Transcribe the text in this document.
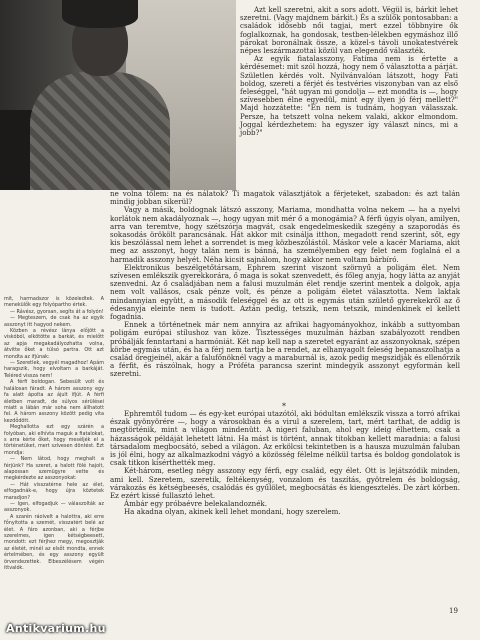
Azt kell szeretni, akit a sors adott. Végül is, bárkit lehet szeretni. (Vagy majdnem bárkit.) És a szülők pontosabban: a családok idősebb női tagjai, mert ezzel többnyire ők foglalkoznak, ha gondosak, testben-lélekben egymáshoz illő párokat boronálnak össze, a közel-s távoli unokatestvérek népes leszármazottai közül van elegendő választék.

Az egyik fiatalasszony, Fatima nem is értette a kérdésemet: mit szól hozzá, hogy nem ő választotta a párját. Születlen kérdés volt. Nyilvánvalóan látszott, hogy Fati boldog, szereti a férjét és testvéries viszonyban van az első feleséggel, "hát ugyan mi gondolja — ezt mondta is —, hogy szívesebben élne egyedül, mint egy ilyen jó férj mellett?" Majd hozzátette: "Én nem is tudnám, hogyan válasszak. Persze, ha tetszett volna nekem valaki, akkor elmondom. Joggal kérdezhetem: ha egyszer így választ nincs, mi a jobb?"

ne volna tőlem: na és nálatok? Ti magatok választjátok a férjeteket, szabadon: és azt talán mindig jobban sikerül?

Vagy a másik, boldognak látszó asszony, Mariama, mondhatta volna nekem — ha a nyelvi korlátok nem akadályoznak —, hogy ugyan mit mér ő a monogámia? A férfi úgyis olyan, amilyen, arra van teremtve, hogy szétszórja magvát, csak engedelmeskedik szegény a szaporodás és sokasodás örökölt parancsának. Hát akkor mit csinálja itthon, megadott rend szerint, sőt, egy kis beszólással nem lehet a sorrendet is meg közbeszólástól. Máskor vele a kacér Mariama, akit meg az asszonyt, hogy talán nem is bánná, ha személyemben egy felet nem foglalná el a harmadik asszony helyét. Néha kicsit sajnálom, hogy akkor nem voltam bárbíró.

Elektronikus beszélgetőtársam, Ephrem szerint viszont szörnyű a poligám élet. Nem szívesen emlékszik gyerekkorára, ő maga is sokat szenvedett, és főleg anyja, hogy látta az anyját szenvedni. Az ő családjában nem a falusi muzulmán élet rendje szerint mentek a dolgok, apja nem volt vallásos, csak pénze volt, és pénze a poligám életet választotta. Nem laktak mindannyian együtt, a második feleséggel és az ott is egymás után születő gyerekekről az ő édesanyja eleinte nem is tudott. Aztán pedig, tetszik, nem tetszik, mindenkinek el kellett fogadnia.

Ennek a történetnek már nem annyira az afrikai hagyományokhoz, inkább a suttyomban poligám európai stílushoz van köze. Tisztességes muzulmán házban szabályozott rendben próbálják fenntartani a harmóniát. Két nap kell nap a szeretet egyaránt az asszonyoknak, szépen körbe egymás után, és ha a férj nem tartja be a rendet, az elhanyagolt feleség bepanaszolhatja a család öregjeinél, akár a falufőnöknél vagy a maraburnál is, azok pedig megszidják és ellenőrzik a férfit, és rászólnak, hogy a Próféta parancsa szerint mindegyik asszonyt egyformán kell szeretni.

*

Ephremtől tudom — és egy-ket európai utazótól, aki bódultan emlékszik vissza a torró afrikai észak gyönyörére —, hogy a városokban és a virul a szerelem, tart, mért tarthat, de addig is megtörténik, mint a világon mindenütt. A nigeri faluban, ahol egy ideig élhettem, csak a házasságok példáját lehetett látni. Ha mást is történt, annak titokban kellett maradnia: a falusi társadalom megbocsátó, sebed a világon. Az erkölcsi tekintetben is a hausza muzulmán faluban is jól élni, hogy az alkalmazkodni vágyó a közösség félelme nélkül tartsa és boldog gondolatok is csak titkon kísérthették meg.

Két-három, esetleg négy asszony egy férfi, egy család, egy élet. Ott is lejátszódik minden, ami kell. Szeretem, szeretik, feltékenység, vonzalom és taszítás, gyötrelem és boldogság, várakozás és kétségbeesés, csalódás és gyűlölet, megbocsátás és kiengesztelés. De zárt körben. Ez ezért kissé fullasztó lehet.

Ámbár egy próbaévre belekalandoznék.

Ha akadna olyan, akinek kell lehet mondani, hogy szerelem.

mit, harmadszor is közeledtek. A menekülők egy folyópartho értek.

— Rávész, gyorsan, segíts át a folyón!

— Megteszem, de csak ha az egyik asszonyt itt hagyod nekem.

Közben a révész lánya előjött a viskóból, elkötötte a barkát, és mielőtt az apja megakadályozhatta volna, átvitte őket a túlsó partra. Ott azt mondta az ifjúnak:

— Szeretlek, vegyél magadhoz! Apám haragszik, hogy elvoltam a barkáját. Teléred vissza nem!

A férfi boldogan. Sebesült volt és halálosan fáradt. A három asszony egy fa alatt ápolta az ájult ifjút. A férfi életben maradt, de súlyos sérülései miatt a lábán már soha nem állhatott fel. A három asszony között pedig vita kezdődött.

Meghallotta ezt egy szárén a folyóban, aki elhívta maguk a fiatalokat, s arra kérte őket, hogy meséljék el a történetüket, mert szívesen döntést. Ezt mondja:

— Nem látod, hogy meghalt a férjünk? Ha szeret, a halott fölé hajolt, alapossan szemügyre vette és megkérdezte az asszonyokat:

— Hát visszatérne hele az élet, elfogadnák-e, hogy újra köztetek maradjon?

— Igen, elfogadjuk — válaszolták az asszonyok.

A szarén ráolvelt a halottra, aki erre főnyitotta a szemét, visszatért belé az élet. A fáro azonban, aki a férjbe szerelmes, igen kétségbeesett, mondott: ezt férjhez megy, megosztják az életét, minél az elsőt mondta, ennek értelmében, és egy asszony egyült örvendezettek. Elbeszélésem végén ittvalók.

19
Antikvarium.hu
